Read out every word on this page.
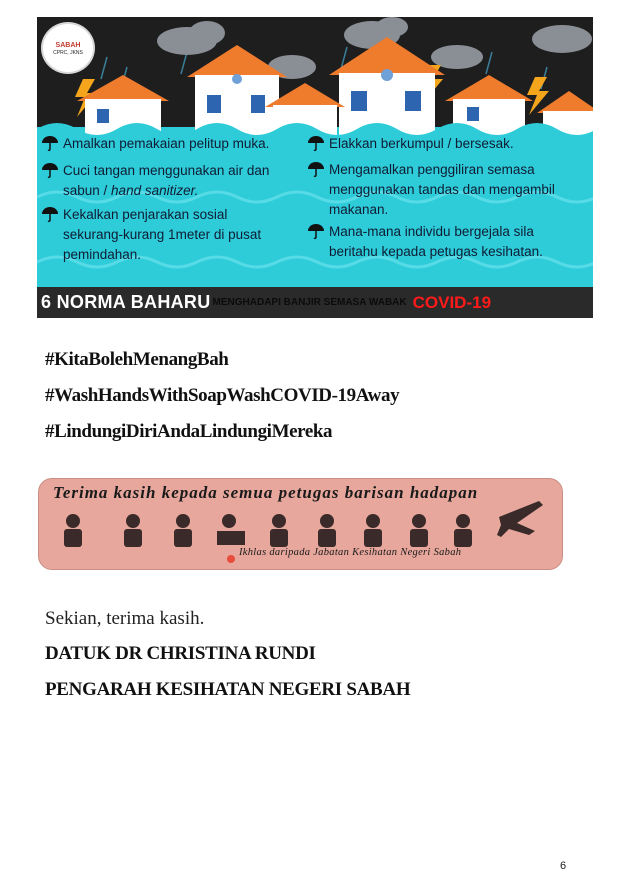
SABAH
CPRC, JKNS
Amalkan pemakaian pelitup muka.
Cuci tangan menggunakan air dan sabun / hand sanitizer.
Kekalkan penjarakan sosial sekurang-kurang 1meter di pusat pemindahan.
Elakkan berkumpul / bersesak.
Mengamalkan penggiliran semasa menggunakan tandas dan mengambil makanan.
Mana-mana individu bergejala sila beritahu kepada petugas kesihatan.
6 NORMA BAHARU MENGHADAPI BANJIR SEMASA WABAK COVID-19
#KitaBolehMenangBah
#WashHandsWithSoapWashCOVID-19Away
#LindungiDiriAndaLindungiMereka
Terima kasih kepada semua petugas barisan hadapan
Ikhlas daripada Jabatan Kesihatan Negeri Sabah
Sekian, terima kasih.
DATUK DR CHRISTINA RUNDI
PENGARAH KESIHATAN NEGERI SABAH
6
